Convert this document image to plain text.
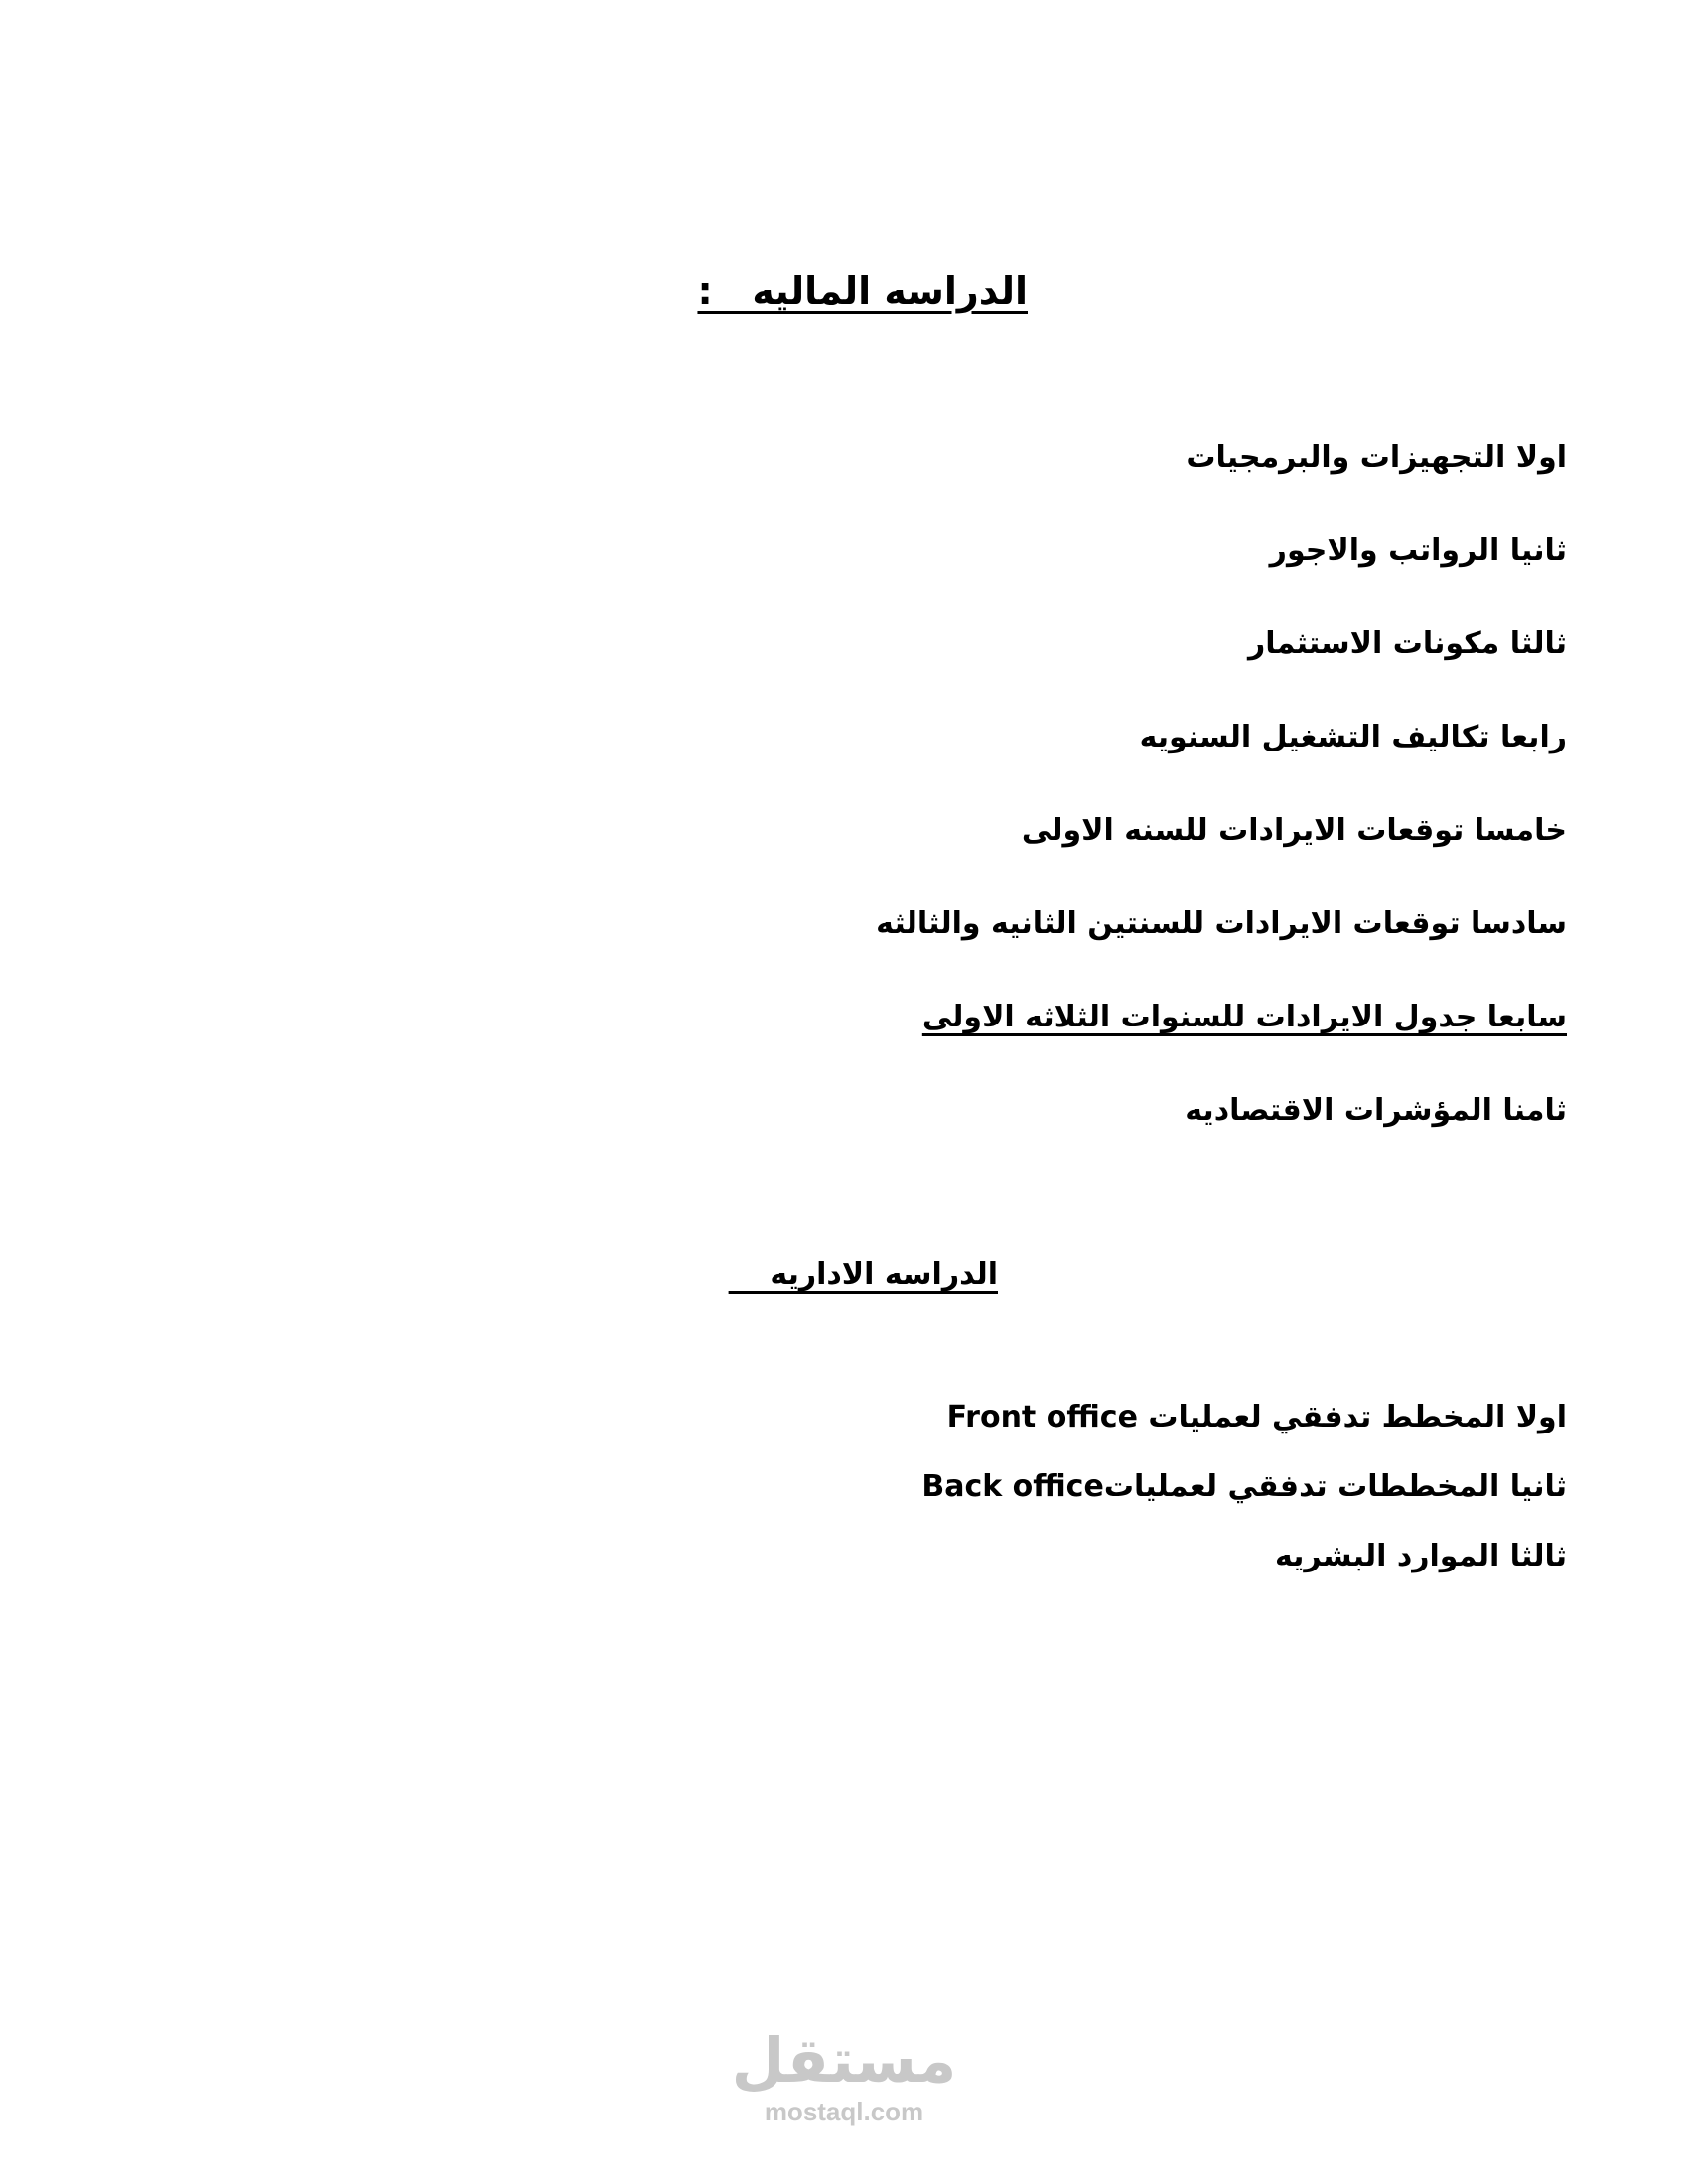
الدراسه الماليه   :
اولا التجهيزات والبرمجيات
ثانيا الرواتب والاجور
ثالثا مكونات الاستثمار
رابعا تكاليف التشغيل السنويه
خامسا توقعات الايرادات للسنه الاولى
سادسا توقعات الايرادات للسنتين الثانيه والثالثه
سابعا جدول الايرادات للسنوات الثلاثه الاولى
ثامنا المؤشرات الاقتصاديه
الدراسه الاداريه
اولا المخطط تدفقي لعمليات Front office
ثانيا المخططات تدفقي لعملياتBack office
ثالثا الموارد البشريه
مستقل
mostaql.com
